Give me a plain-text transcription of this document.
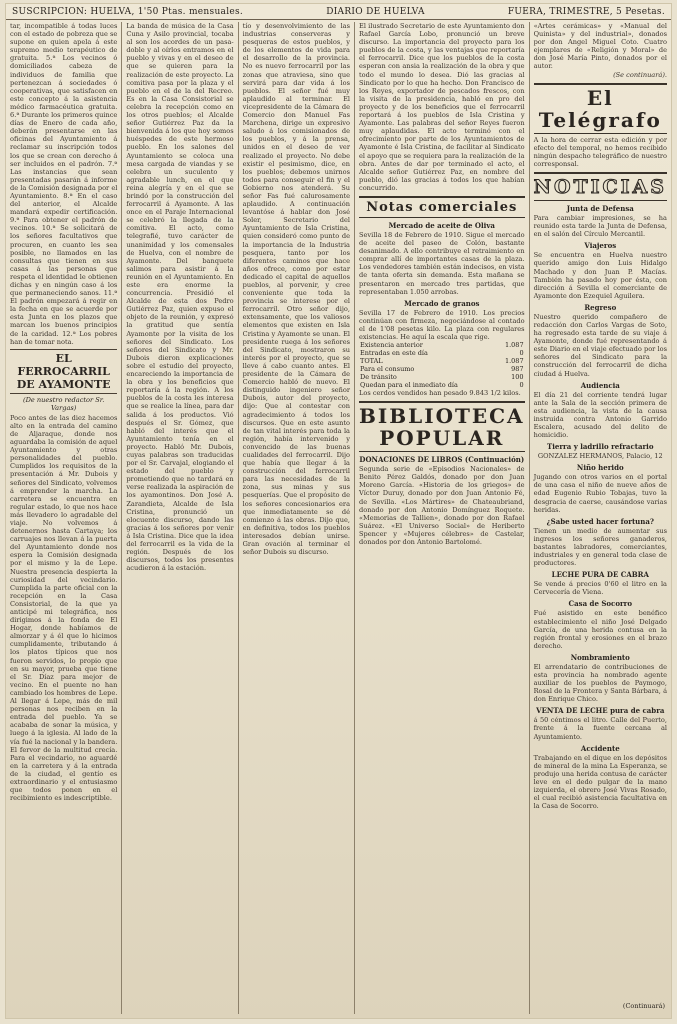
SUSCRIPCION: HUELVA, 1'50 Ptas. mensuales.	DIARIO DE HUELVA	FUERA, TRIMESTRE, 5 Pesetas.

tar, incompatible á todas luces con el estado de pobreza que se supone en quien apela á este supremo medio terapéutico de gratuita. 5.ª Los vecinos ó domiciliados cabeza de individuos de familia que pertenezcan á sociedades ó cooperativas, que satisfacen en este concepto á la asistencia médico farmacéutica gratuita. 6.ª Durante los primeros quince días de Enero de cada año, deberán presentarse en las oficinas del Ayuntamiento á reclamar su inscripción todos los que se crean con derecho á ser incluidos en el padrón. 7.ª Las instancias que sean presentadas pasarán á informe de la Comisión designada por el Ayuntamiento. 8.ª En el caso del anterior, el Alcalde mandará expedir certificación. 9.ª Para obtener el padrón de vecinos. 10.ª Se solicitará de los señores facultativos que procuren, en cuanto les sea posible, no llamados en las consultas que tienen en sus casas á las personas que respeta el identidad le obtienen dichas y en ningún caso á los que permaneciendo sanos. 11.ª El padrón empezará á regir en la fecha en que se acuerde por esta Junta en los plazos que marcan los buenos principios de la caridad. 12.ª Los pobres han de tomar nota.

EL FERROCARRIL DE AYAMONTE
(De nuestro redactor Sr. Vargas)

Poco antes de las diez hacemos alto en la entrada del camino de Aljaraque, donde nos aguardaba la comisión de aquel Ayuntamiento y otras personalidades del pueblo. Cumplidos los requisitos de la presentación á Mr. Dubois y señores del Sindicato, volvemos á emprender la marcha. La carretera se encuentra en regular estado, lo que nos hace más llevadero lo agradable del viaje. No volvemos á detenernos hasta Cartaya; los carruajes nos llevan á la puerta del Ayuntamiento donde nos espera la Comisión designada por el mismo y la de Lepe. Nuestra presencia despierta la curiosidad del vecindario. Cumplida la parte oficial con la recepción en la Casa Consistorial, de la que ya anticipé mi telegráfica, nos dirigimos á la fonda de El Hogar, donde habíamos de almorzar y á él que lo hicimos cumplidamente, tributando á los platos típicos que nos fueron servidos, lo propio que en su mayor, prueba que tiene el Sr. Díaz para mejor de vecino. En el puente no han cambiado los hombres de Lepe. Al llegar á Lepe, más de mil personas nos reciben en la entrada del pueblo. Ya se acababa de sonar la música, y luego á la iglesia. Al lado de la vía fué la nacional y la bandera. El fervor de la multitud crecía. Para el vecindario, no aguardé en la carretera y á la entrada de la ciudad, el gentío es extraordinario y el entusiasmo que todos ponen en el recibimiento es indescriptible.

La banda de música de la Casa Cuna y Asilo provincial, tocaba al son los acordes de un pasa-doble y al oírlos entramos en el pueblo y vivas y en el deseo de que se quieren para la realización de este proyecto. La comitiva pasa por la plaza y el pueblo en el de la del Recreo. Es en la Casa Consistorial se celebra la recepción como en los otros pueblos; el Alcalde señor Gutiérrez Paz da la bienvenida á los que hoy somos huéspedes de este hermoso pueblo. En los salones del Ayuntamiento se coloca una mesa cargada de viandas y se celebra un suculento y agradable lunch, en el que reina alegría y en el que se brindó por la construcción del ferrocarril á Ayamonte. A las once en el Paraje Internacional se celebró la llegada de la comitiva. El acto, como telegrafié, tuvo carácter de unanimidad y los comensales de Huelva, con el nombre de Ayamonte. Del banquete salimos para asistir á la reunión en el Ayuntamiento. En este era enorme la concurrencia. Presidió el Alcalde de esta dos Pedro Gutiérrez Paz, quien expuso el objeto de la reunión, y expresó la gratitud que sentía Ayamonte por la visita de los señores del Sindicato. Los señores del Sindicato y Mr. Dubois dieron explicaciones sobre el estudio del proyecto, encareciendo la importancia de la obra y los beneficios que reportaría á la región. A los pueblos de la costa les interesa que se realice la línea, para dar salida á los productos. Vió después el Sr. Gómez, que habló del interés que el Ayuntamiento tenía en el proyecto. Habló Mr. Dubois, cuyas palabras son traducidas por el Sr. Carvajal, elogiando el estado del pueblo y prometiendo que no tardará en verse realizada la aspiración de los ayamontinos. Don José A. Zarandieta, Alcalde de Isla Cristina, pronunció un elocuente discurso, dando las gracias á los señores por venir á Isla Cristina. Dice que la idea del ferrocarril es la vida de la región. Después de los discursos, todos los presentes acudieron á la estación.

tío y desenvolvimiento de las industrias conserveras y pesqueras de estos pueblos, y de los elementos de vida para el desarrollo de la provincia. No es nuevo ferrocarril por las zonas que atraviesa, sino que servirá para dar vida á los pueblos. El señor fué muy aplaudido al terminar. El vicepresidente de la Cámara de Comercio don Manuel Fas Marchena, dirige un expresivo saludo á los comisionados de los pueblos, y á la prensa, unidos en el deseo de ver realizado el proyecto. No debe existir el pesimismo, dice, en los pueblos; debemos unirnos todos para conseguir el fin y el Gobierno nos atenderá. Su señor Fas fué calurosamente aplaudido. A continuación levantóse á hablar don José Soler, Secretario del Ayuntamiento de Isla Cristina, quien consideró como punto de la importancia de la Industria pesquera, tanto por los diferentes caminos que hace años ofrece, como por estar dedicado el capital de aquellos pueblos, al porvenir, y cree conveniente que toda la provincia se interese por el ferrocarril. Otro señor dijo, extensamente, que los valiosos elementos que existen en Isla Cristina y Ayamonte se unan. El presidente ruega á los señores del Sindicato, mostraron su interés por el proyecto, que se lleve á cabo cuanto antes. El presidente de la Cámara de Comercio habló de nuevo. El distinguido ingeniero señor Dubois, autor del proyecto, dijo: Que al contestar con agradecimiento á todos los discursos. Que en este asunto de tan vital interés para toda la región, había intervenido y convencido de las buenas cualidades del ferrocarril. Dijo que había que llegar á la construcción del ferrocarril para las necesidades de la zona, sus minas y sus pesquerías. Que el propósito de los señores concesionarios era que inmediatamente se dé comienzo á las obras. Dijo que, en definitiva, todos los pueblos interesados debían unirse. Gran ovación al terminar el señor Dubois su discurso.

El ilustrado Secretario de este Ayuntamiento don Rafael García Lobo, pronunció un breve discurso. La importancia del proyecto para los pueblos de la costa, y las ventajas que reportaría el ferrocarril. Dice que los pueblos de la costa esperan con ansia la realización de la obra y que todo el mundo lo desea. Dió las gracias al Sindicato por lo que ha hecho. Don Francisco de los Reyes, exportador de pescados frescos, con la visita de la presidencia, habló en pro del proyecto y de los beneficios que el ferrocarril reportará á los pueblos de Isla Cristina y Ayamonte. Las palabras del señor Reyes fueron muy aplaudidas. El acto terminó con el ofrecimiento por parte de los Ayuntamientos de Ayamonte é Isla Cristina, de facilitar al Sindicato el apoyo que se requiera para la realización de la obra. Antes de dar por terminado el acto, el Alcalde señor Gutiérrez Paz, en nombre del pueblo, dió las gracias á todos los que habían concurrido.

Notas comerciales
Mercado de aceite de Oliva

Sevilla 18 de Febrero de 1910. Sigue el mercado de aceite del paseo de Colón, bastante desanimado. A ello contribuye el retraimiento en comprar allí de importantes casas de la plaza. Los vendedores también están indecisos, en vista de tanta oferta sin demanda. Esta mañana se presentaron en mercado tres partidas, que representaban 1.050 arrobas.

Mercado de granos

Sevilla 17 de Febrero de 1910. Los precios continúan con firmeza, negociándose al contado el de 1'08 pesetas kilo. La plaza con regulares existencias. He aquí la escala que rige.

Existencia anterior	1.087
Entradas en este día	0
TOTAL	1.087
Para el consumo	987
De tránsito	100
Quedan para el inmediato día	0

Los cerdos vendidos han pesado 9.843 1/2 kilos.

BIBLIOTECA POPULAR
DONACIONES DE LIBROS (Continuación)

Segunda serie de «Episodios Nacionales» de Benito Pérez Galdós, donado por don Juan Moreno García. «Historia de los griegos» de Víctor Duruy, donado por don Juan Antonio Fé, de Sevilla. «Los Mártires» de Chateaubriand, donado por don Antonio Domínguez Roquete. «Memorias de Tallien», donado por don Rafael Suárez. «El Universo Social» de Heriberto Spencer y «Mujeres célebres» de Castelar, donados por don Antonio Bartolomé.

«Artes cerámicas» y «Manual del Quinista» y del industrial», donados por don Angel Miguel Coto. Cuatro ejemplares de «Religión y Moral» de don José María Pinto, donados por el autor.

(Se continuará).

El Telégrafo

A la hora de cerrar esta edición y por efecto del temporal, no hemos recibido ningún despacho telegráfico de nuestro corresponsal.

NOTICIAS
Junta de Defensa

Para cambiar impresiones, se ha reunido esta tarde la Junta de Defensa, en el salón del Círculo Mercantil.

Viajeros

Se encuentra en Huelva nuestro querido amigo don Luis Hidalgo Machado y don Juan P. Macías. También ha pasado hoy por ésta, con dirección á Sevilla el comerciante de Ayamonte don Ezequiel Aguilera.

Regreso

Nuestro querido compañero de redacción don Carlos Vargas de Soto, ha regresado esta tarde de su viaje á Ayamonte, donde fué representando á este Diario en el viaje efectuado por los señores del Sindicato para la construcción del ferrocarril de dicha ciudad á Huelva.

Audiencia

El día 21 del corriente tendrá lugar ante la Sala de la sección primera de esta audiencia, la vista de la causa instruida contra Antonio Garrido Escalera, acusado del delito de homicidio.

Tierra y ladrillo refractario

GONZALEZ HERMANOS, Palacio, 12

Niño herido

Jugando con otros varios en el portal de una casa el niño de nueve años de edad Eugenio Rubio Tobajas, tuvo la desgracia de caerse, causándose varias heridas.

¿Sabe usted hacer fortuna?

Tienen un medio de aumentar sus ingresos los señores ganaderos, bastantes labradores, comerciantes, industriales y en general toda clase de productores.

LECHE PURA DE CABRA

Se vende á precios 0'60 el litro en la Cervecería de Viena.

Casa de Socorro

Fué asistido en este benéfico establecimiento el niño José Delgado García, de una herida contusa en la región frontal y erosiones en el brazo derecho.

Nombramiento

El arrendatario de contribuciones de esta provincia ha nombrado agente auxiliar de los pueblos de Paymogo, Rosal de la Frontera y Santa Bárbara, á don Enrique Chico.

VENTA DE LECHE pura de cabra

á 50 céntimos el litro. Calle del Puerto, frente á la fuente cercana al Ayuntamiento.

Accidente

Trabajando en el dique en los depósitos de mineral de la mina La Esperanza, se produjo una herida contusa de carácter leve en el dedo pulgar de la mano izquierda, el obrero José Vivas Rosado, el cual recibió asistencia facultativa en la Casa de Socorro.

(Continuará)
